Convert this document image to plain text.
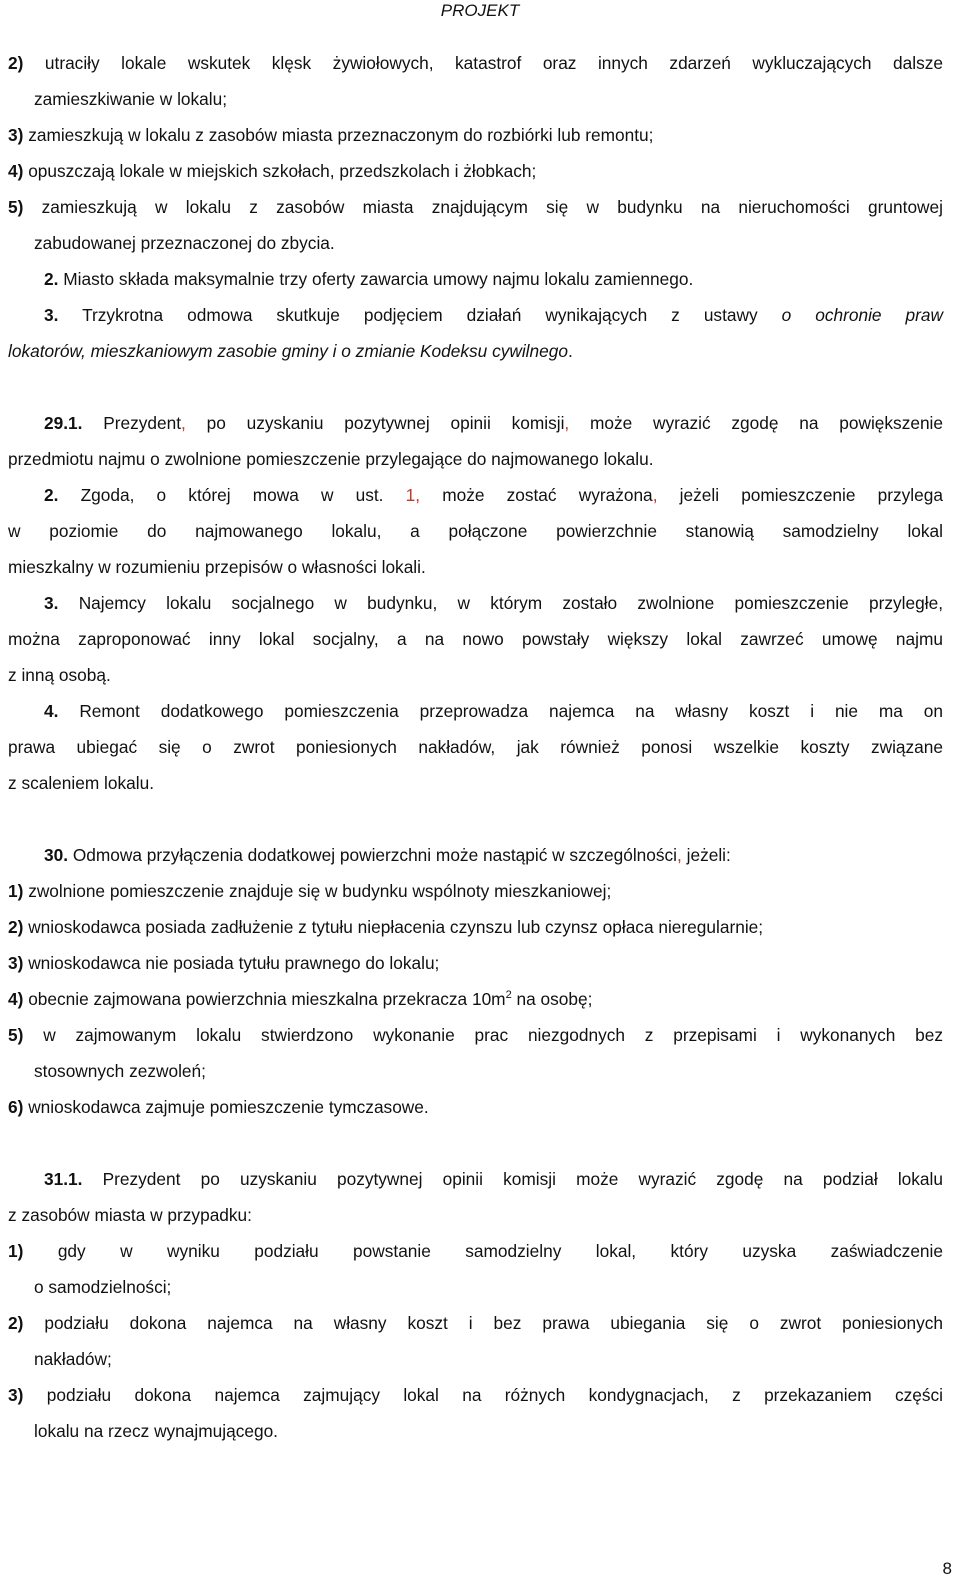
PROJEKT
2) utraciły lokale wskutek klęsk żywiołowych, katastrof oraz innych zdarzeń wykluczających dalsze
zamieszkiwanie w lokalu;
3) zamieszkują w lokalu z zasobów miasta przeznaczonym do rozbiórki lub remontu;
4) opuszczają lokale w miejskich szkołach, przedszkolach i żłobkach;
5) zamieszkują w lokalu z zasobów miasta znajdującym się w budynku na nieruchomości gruntowej
zabudowanej przeznaczonej do zbycia.
2. Miasto składa maksymalnie trzy oferty zawarcia umowy najmu lokalu zamiennego.
3. Trzykrotna odmowa skutkuje podjęciem działań wynikających z ustawy o ochronie praw
lokatorów, mieszkaniowym zasobie gminy i o zmianie Kodeksu cywilnego.
29.1. Prezydent, po uzyskaniu pozytywnej opinii komisji, może wyrazić zgodę na powiększenie
przedmiotu najmu o zwolnione pomieszczenie przylegające do najmowanego lokalu.
2. Zgoda, o której mowa w ust. 1, może zostać wyrażona, jeżeli pomieszczenie przylega
w poziomie do najmowanego lokalu, a połączone powierzchnie stanowią samodzielny lokal
mieszkalny w rozumieniu przepisów o własności lokali.
3. Najemcy lokalu socjalnego w budynku, w którym zostało zwolnione pomieszczenie przyległe,
można zaproponować inny lokal socjalny, a na nowo powstały większy lokal zawrzeć umowę najmu
z inną osobą.
4. Remont dodatkowego pomieszczenia przeprowadza najemca na własny koszt i nie ma on
prawa ubiegać się o zwrot poniesionych nakładów, jak również ponosi wszelkie koszty związane
z scaleniem lokalu.
30. Odmowa przyłączenia dodatkowej powierzchni może nastąpić w szczególności, jeżeli:
1) zwolnione pomieszczenie znajduje się w budynku wspólnoty mieszkaniowej;
2) wnioskodawca posiada zadłużenie z tytułu niepłacenia czynszu lub czynsz opłaca nieregularnie;
3) wnioskodawca nie posiada tytułu prawnego do lokalu;
4) obecnie zajmowana powierzchnia mieszkalna przekracza $10m^2$ na osobę;
5) w zajmowanym lokalu stwierdzono wykonanie prac niezgodnych z przepisami i wykonanych bez
stosownych zezwoleń;
6) wnioskodawca zajmuje pomieszczenie tymczasowe.
31.1. Prezydent po uzyskaniu pozytywnej opinii komisji może wyrazić zgodę na podział lokalu
z zasobów miasta w przypadku:
1) gdy w wyniku podziału powstanie samodzielny lokal, który uzyska zaświadczenie
o samodzielności;
2) podziału dokona najemca na własny koszt i bez prawa ubiegania się o zwrot poniesionych
nakładów;
3) podziału dokona najemca zajmujący lokal na różnych kondygnacjach, z przekazaniem części
lokalu na rzecz wynajmującego.
8
